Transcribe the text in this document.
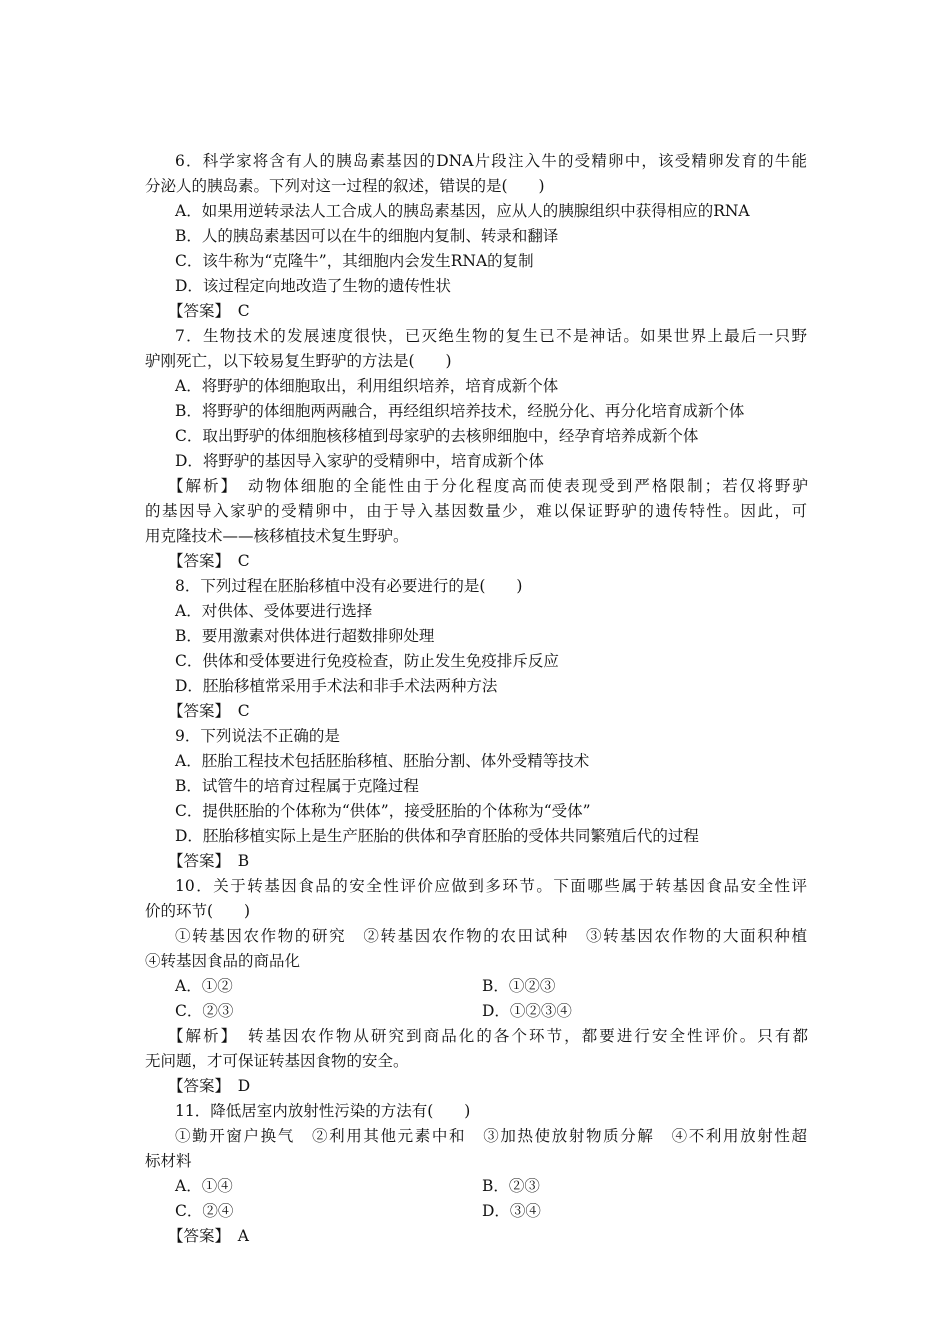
6．科学家将含有人的胰岛素基因的DNA片段注入牛的受精卵中，该受精卵发育的牛能
分泌人的胰岛素。下列对这一过程的叙述，错误的是(　　)
A．如果用逆转录法人工合成人的胰岛素基因，应从人的胰腺组织中获得相应的RNA
B．人的胰岛素基因可以在牛的细胞内复制、转录和翻译
C．该牛称为“克隆牛”，其细胞内会发生RNA的复制
D．该过程定向地改造了生物的遗传性状
【答案】　C
7．生物技术的发展速度很快，已灭绝生物的复生已不是神话。如果世界上最后一只野
驴刚死亡，以下较易复生野驴的方法是(　　)
A．将野驴的体细胞取出，利用组织培养，培育成新个体
B．将野驴的体细胞两两融合，再经组织培养技术，经脱分化、再分化培育成新个体
C．取出野驴的体细胞核移植到母家驴的去核卵细胞中，经孕育培养成新个体
D．将野驴的基因导入家驴的受精卵中，培育成新个体
【解析】　动物体细胞的全能性由于分化程度高而使表现受到严格限制；若仅将野驴
的基因导入家驴的受精卵中，由于导入基因数量少，难以保证野驴的遗传特性。因此，可
用克隆技术——核移植技术复生野驴。
【答案】　C
8．下列过程在胚胎移植中没有必要进行的是(　　)
A．对供体、受体要进行选择
B．要用激素对供体进行超数排卵处理
C．供体和受体要进行免疫检查，防止发生免疫排斥反应
D．胚胎移植常采用手术法和非手术法两种方法
【答案】　C
9．下列说法不正确的是
A．胚胎工程技术包括胚胎移植、胚胎分割、体外受精等技术
B．试管牛的培育过程属于克隆过程
C．提供胚胎的个体称为“供体”，接受胚胎的个体称为“受体”
D．胚胎移植实际上是生产胚胎的供体和孕育胚胎的受体共同繁殖后代的过程
【答案】　B
10．关于转基因食品的安全性评价应做到多环节。下面哪些属于转基因食品安全性评
价的环节(　　)
①转基因农作物的研究　②转基因农作物的农田试种　③转基因农作物的大面积种植
④转基因食品的商品化
A．①②	B．①②③
C．②③	D．①②③④
【解析】　转基因农作物从研究到商品化的各个环节，都要进行安全性评价。只有都
无问题，才可保证转基因食物的安全。
【答案】　D
11．降低居室内放射性污染的方法有(　　)
①勤开窗户换气　②利用其他元素中和　③加热使放射物质分解　④不利用放射性超
标材料
A．①④	B．②③
C．②④	D．③④
【答案】　A
